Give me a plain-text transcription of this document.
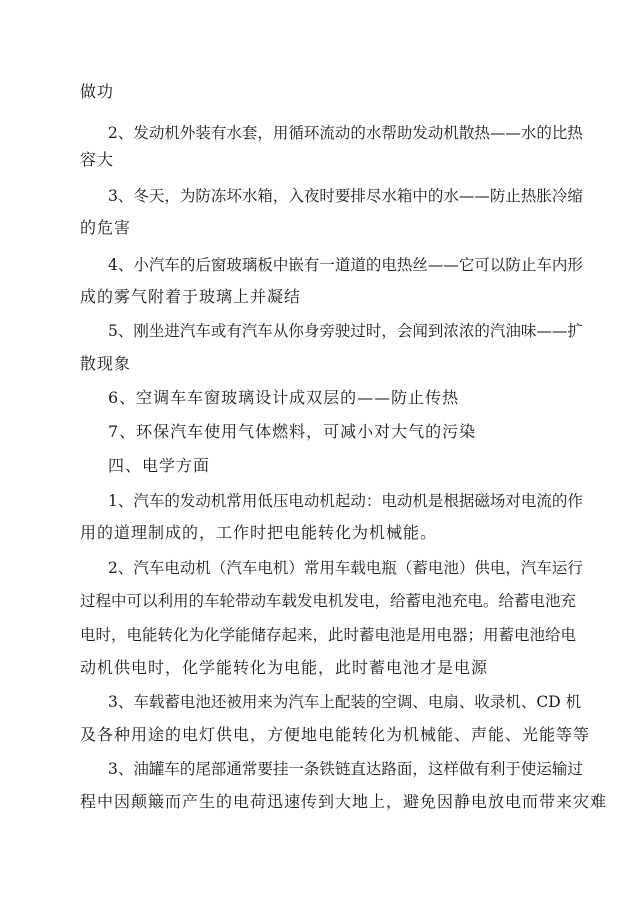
做功
2、发动机外装有水套，用循环流动的水帮助发动机散热——水的比热
容大
3、冬天，为防冻坏水箱，入夜时要排尽水箱中的水——防止热胀冷缩
的危害
4、小汽车的后窗玻璃板中嵌有一道道的电热丝——它可以防止车内形
成的雾气附着于玻璃上并凝结
5、刚坐进汽车或有汽车从你身旁驶过时，会闻到浓浓的汽油味——扩
散现象
6、空调车车窗玻璃设计成双层的——防止传热
7、环保汽车使用气体燃料，可减小对大气的污染
四、电学方面
1、汽车的发动机常用低压电动机起动：电动机是根据磁场对电流的作
用的道理制成的，工作时把电能转化为机械能。
2、汽车电动机（汽车电机）常用车载电瓶（蓄电池）供电，汽车运行
过程中可以利用的车轮带动车载发电机发电，给蓄电池充电。给蓄电池充
电时，电能转化为化学能储存起来，此时蓄电池是用电器；用蓄电池给电
动机供电时，化学能转化为电能，此时蓄电池才是电源
3、车载蓄电池还被用来为汽车上配装的空调、电扇、收录机、CD 机
及各种用途的电灯供电，方便地电能转化为机械能、声能、光能等等
3、油罐车的尾部通常要挂一条铁链直达路面，这样做有利于使运输过
程中因颠簸而产生的电荷迅速传到大地上，避免因静电放电而带来灾难
